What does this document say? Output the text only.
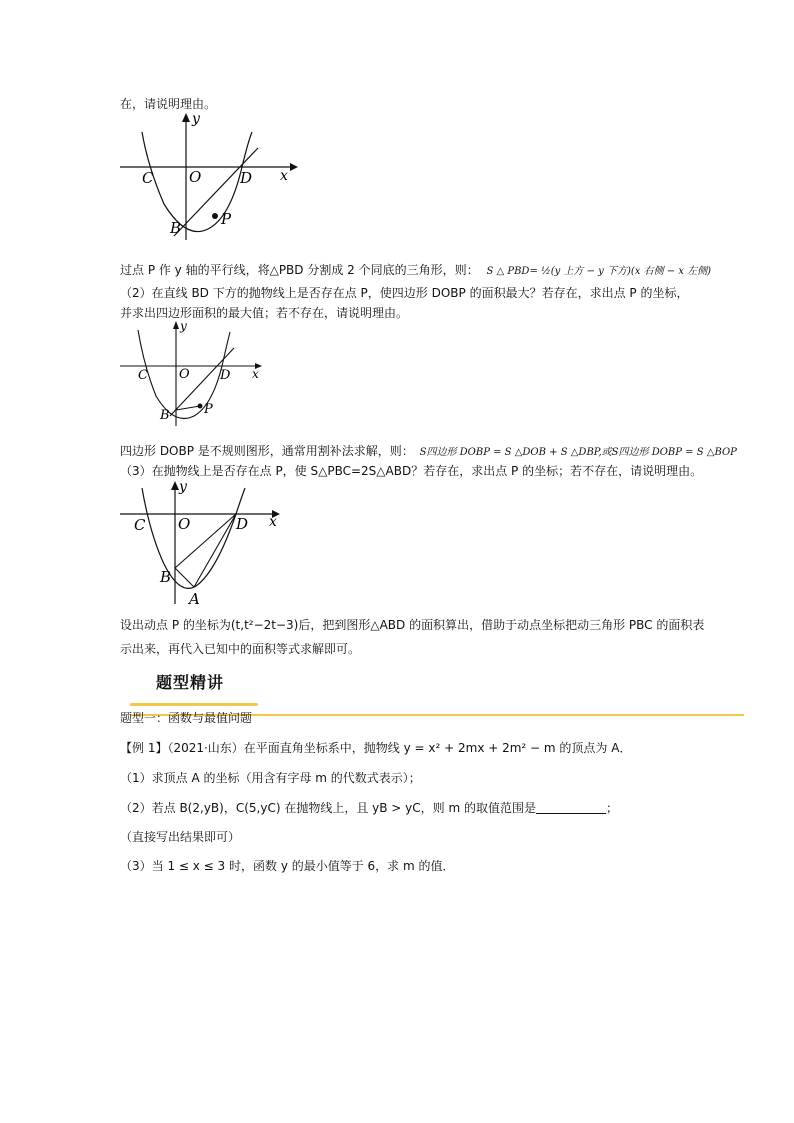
在，请说明理由。
y
x
C O	D
B	P
过点 P 作 y 轴的平行线，将△PBD 分割成 2 个同底的三角形，则： S △ PBD= ½(y 上方 − y 下方)(x 右侧 − x 左侧)
（2）在直线 BD 下方的抛物线上是否存在点 P，使四边形 DOBP 的面积最大？若存在，求出点 P 的坐标，
并求出四边形面积的最大值；若不存在，请说明理由。
y
x
C O D
B	P
四边形 DOBP 是不规则图形，通常用割补法求解，则： S四边形 DOBP = S △DOB + S △DBP,或S四边形 DOBP = S △BOP
（3）在抛物线上是否存在点 P，使 S△PBC=2S△ABD？若存在，求出点 P 的坐标；若不存在，请说明理由。
y
x
C O	D
B
A
设出动点 P 的坐标为(t,t²−2t−3)后，把到图形△ABD 的面积算出，借助于动点坐标把动三角形 PBC 的面积表
示出来，再代入已知中的面积等式求解即可。
题型精讲
题型一：函数与最值问题
【例 1】（2021·山东）在平面直角坐标系中，抛物线 y = x² + 2mx + 2m² − m 的顶点为 A．
（1）求顶点 A 的坐标（用含有字母 m 的代数式表示）；
（2）若点 B(2,yB)，C(5,yC) 在抛物线上，且 yB > yC，则 m 的取值范围是	；
（直接写出结果即可）
（3）当 1 ≤ x ≤ 3 时，函数 y 的最小值等于 6，求 m 的值．
